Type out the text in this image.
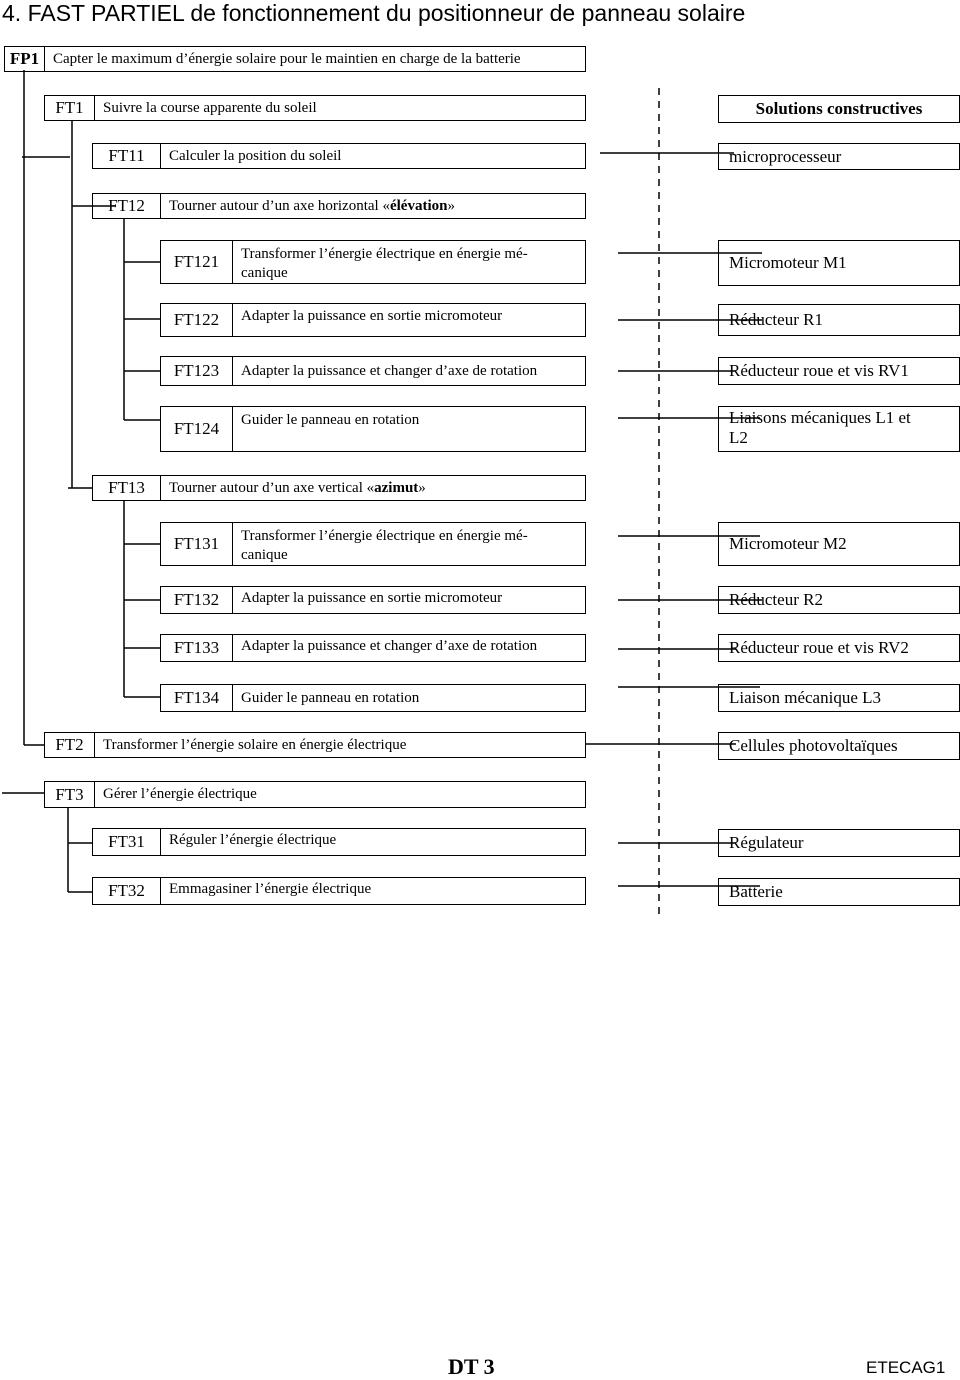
4. FAST PARTIEL de fonctionnement du positionneur de panneau solaire
FP1 Capter le maximum d’énergie solaire pour le maintien en charge de la batterie
FT1	Suivre la course apparente du soleil
FT11	Calculer la position du soleil
FT12	Tourner autour d’un axe horizontal « élévation »
FT121	Transformer l’énergie électrique en énergie mé-
canique
FT122	Adapter la puissance en sortie micromoteur
FT123	Adapter la puissance et changer d’axe de rotation
FT124	Guider le panneau en rotation
FT13	Tourner autour d’un axe vertical « azimut »
FT131	Transformer l’énergie électrique en énergie mé-
canique
FT132	Adapter la puissance en sortie micromoteur
FT133	Adapter la puissance et changer d’axe de rotation
FT134	Guider le panneau en rotation
FT2	Transformer l’énergie solaire en énergie électrique
FT3	Gérer l’énergie électrique
FT31	Réguler l’énergie électrique
FT32	Emmagasiner l’énergie électrique
Solutions constructives
microprocesseur
Micromoteur M1
Réducteur R1
Réducteur roue et vis RV1
Liaisons mécaniques L1 et L2
Micromoteur M2
Réducteur R2
Réducteur roue et vis RV2
Liaison mécanique L3
Cellules photovoltaïques
Régulateur
Batterie
DT 3	ETECAG1
